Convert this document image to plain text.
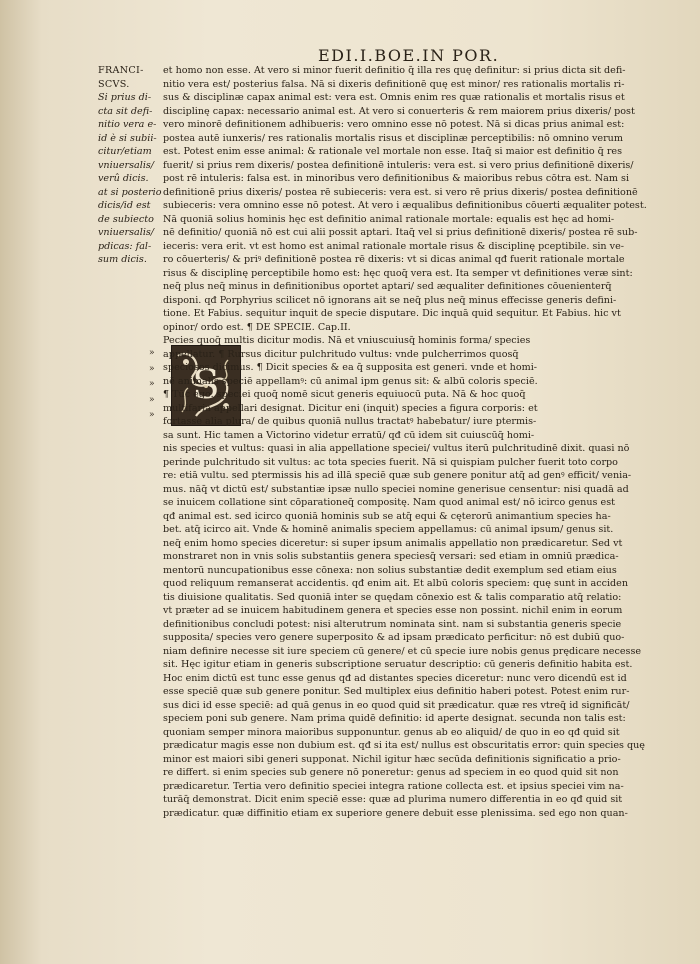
EDI.I.BOE.IN POR.
FRANCI-
SCVS.
Si prius di-
cta sit defi-
nitio vera e-
id è si subii-
citur/etiam
vniuersalis/
verû dicis.
at si posterio
dicis/id est
de subiecto
vniuersalis/
pdicas: fal-
sum dicis.
»
»
»
»
»
S
et homo non esse. At vero si minor fuerit definitio q̄ illa res quę definitur: si prius dicta sit defi-
nitio vera est/ posterius falsa. Nā si dixeris definitionē quę est minor/ res rationalis mortalis ri-
sus & disciplinæ capax animal est: vera est. Omnis enim res quæ rationalis et mortalis risus et
disciplinę capax: necessario animal est. At vero si conuerteris & rem maiorem prius dixeris/ post
vero minorē definitionem adhibueris: vero omnino esse nō potest. Nā si dicas prius animal est:
postea autē iunxeris/ res rationalis mortalis risus et disciplinæ perceptibilis: nō omnino verum
est. Potest enim esse animal: & rationale vel mortale non esse. Itaq̄ si maior est definitio q̄ res
fuerit/ si prius rem dixeris/ postea definitionē intuleris: vera est. si vero prius definitionē dixeris/
post rē intuleris: falsa est. in minoribus vero definitionibus & maioribus rebus cōtra est. Nam si
definitionē prius dixeris/ postea rē subieceris: vera est. si vero rē prius dixeris/ postea definitionē
subieceris: vera omnino esse nō potest. At vero i æqualibus definitionibus cōuerti æqualiter potest.
Nā quoniā solius hominis hęc est definitio animal rationale mortale: equalis est hęc ad homi-
nē definitio/ quoniā nō est cui alii possit aptari. Itaq̄ vel si prius definitionē dixeris/ postea rē sub-
ieceris: vera erit. vt est homo est animal rationale mortale risus & disciplinę pceptibile. sin ve-
ro cōuerteris/ & priꝰ definitionē postea rē dixeris: vt si dicas animal qđ fuerit rationale mortale
risus & disciplinę perceptibile homo est: hęc quoq̄ vera est. Ita semper vt definitiones veræ sint:
neq̄ plus neq̄ minus in definitionibus oportet aptari/ sed æqualiter definitiones cōuenienterq̄
disponi. qđ Porphyrius scilicet nō ignorans ait se neq̄ plus neq̄ minus effecisse generis defini-
tione. Et Fabius. sequitur inquit de specie disputare. Dic inquā quid sequitur. Et Fabius. hic vt
opinor/ ordo est. ¶ DE SPECIE. Cap.II.
Pecies quoq̄ multis dicitur modis. Nā et vniuscuiusq̄ hominis forma/ species
appellatur. ¶ Rursus dicitur pulchritudo vultus: vnde pulcherrimos quosq̄
speciosos dicimus. ¶ Dicit species & ea q̄ supposita est generi. vnde et homi-
nē animalis speciē appellamꝰ: cū animal ipm genus sit: & albū coloris speciē.
¶ Tūc ego. speciei quoq̄ nomē sicut generis equiuocū puta. Nā & hoc quoq̄
multifaria appellari designat. Dicitur eni (inquit) species a figura corporis: et
fortasse alia plura/ de quibus quoniā nullus tractatꝰ habebatur/ iure ptermis-
sa sunt. Hic tamen a Victorino videtur erratū/ qđ cū idem sit cuiuscūq̄ homi-
nis species et vultus: quasi in alia appellatione speciei/ vultus iterū pulchritudinē dixit. quasi nō
perinde pulchritudo sit vultus: ac tota species fuerit. Nā si quispiam pulcher fuerit toto corpo
re: etiā vultu. sed ptermissis his ad illā speciē quæ sub genere ponitur atq̄ ad genꝰ efficit/ venia-
mus. nāq̄ vt dictū est/ substantiæ ipsæ nullo speciei nomine generisue censentur: nisi quadā ad
se inuicem collatione sint cōparationeq̄ compositę. Nam quod animal est/ nō icirco genus est
qđ animal est. sed icirco quoniā hominis sub se atq̄ equi & cęterorū animantium species ha-
bet. atq̄ icirco ait. Vnde & hominē animalis speciem appellamus: cū animal ipsum/ genus sit.
neq̄ enim homo species diceretur: si super ipsum animalis appellatio non prædicaretur. Sed vt
monstraret non in vnis solis substantiis genera speciesq̄ versari: sed etiam in omniū prædica-
mentorū nuncupationibus esse cōnexa: non solius substantiæ dedit exemplum sed etiam eius
quod reliquum remanserat accidentis. qđ enim ait. Et albū coloris speciem: quę sunt in acciden
tis diuisione qualitatis. Sed quoniā inter se quędam cōnexio est & talis comparatio atq̄ relatio:
vt præter ad se inuicem habitudinem genera et species esse non possint. nichil enim in eorum
definitionibus concludi potest: nisi alterutrum nominata sint. nam si substantia generis specie
supposita/ species vero genere superposito & ad ipsam prædicato perficitur: nō est dubiū quo-
niam definire necesse sit iure speciem cū genere/ et cū specie iure nobis genus prędicare necesse
sit. Hęc igitur etiam in generis subscriptione seruatur descriptio: cū generis definitio habita est.
Hoc enim dictū est tunc esse genus qđ ad distantes species diceretur: nunc vero dicendū est id
esse speciē quæ sub genere ponitur. Sed multiplex eius definitio haberi potest. Potest enim rur-
sus dici id esse speciē: ad quā genus in eo quod quid sit prædicatur. quæ res vtreq̄ id significāt/
speciem poni sub genere. Nam prima quidē definitio: id aperte designat. secunda non talis est:
quoniam semper minora maioribus supponuntur. genus ab eo aliquid/ de quo in eo qđ quid sit
prædicatur magis esse non dubium est. qđ si ita est/ nullus est obscuritatis error: quin species quę
minor est maiori sibi generi supponat. Nichil igitur hæc secūda definitionis significatio a prio-
re differt. si enim species sub genere nō poneretur: genus ad speciem in eo quod quid sit non
prædicaretur. Tertia vero definitio speciei integra ratione collecta est. et ipsius speciei vim na-
turāq̄ demonstrat. Dicit enim speciē esse: quæ ad plurima numero differentia in eo qđ quid sit
prædicatur. quæ diffinitio etiam ex superiore genere debuit esse plenissima. sed ego non quan-
